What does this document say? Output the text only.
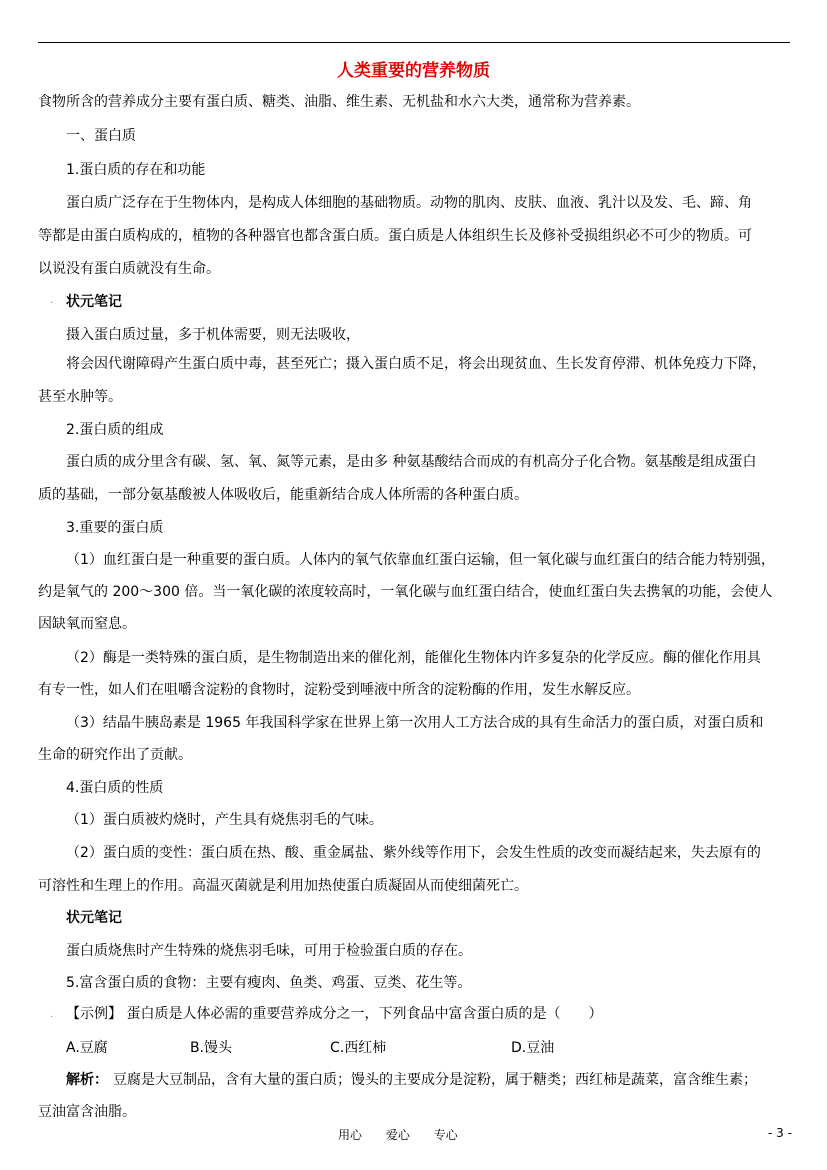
人类重要的营养物质
食物所含的营养成分主要有蛋白质、糖类、油脂、维生素、无机盐和水六大类，通常称为营养素。
一、蛋白质
1.蛋白质的存在和功能
蛋白质广泛存在于生物体内，是构成人体细胞的基础物质。动物的肌肉、皮肤、血液、乳汁以及发、毛、蹄、角
等都是由蛋白质构成的，植物的各种器官也都含蛋白质。蛋白质是人体组织生长及修补受损组织必不可少的物质。可
以说没有蛋白质就没有生命。
. 状元笔记
摄入蛋白质过量，多于机体需要，则无法吸收，
将会因代谢障碍产生蛋白质中毒，甚至死亡；摄入蛋白质不足，将会出现贫血、生长发育停滞、机体免疫力下降，
甚至水肿等。
2.蛋白质的组成
蛋白质的成分里含有碳、氢、氧、氮等元素，是由多 种氨基酸结合而成的有机高分子化合物。氨基酸是组成蛋白
质的基础，一部分氨基酸被人体吸收后，能重新结合成人体所需的各种蛋白质。
3.重要的蛋白质
（1）血红蛋白是一种重要的蛋白质。人体内的氧气依靠血红蛋白运输，但一氧化碳与血红蛋白的结合能力特别强，
约是氧气的 200～300 倍。当一氧化碳的浓度较高时，一氧化碳与血红蛋白结合，使血红蛋白失去携氧的功能，会使人
因缺氧而窒息。
（2）酶是一类特殊的蛋白质，是生物制造出来的催化剂，能催化生物体内许多复杂的化学反应。酶的催化作用具
有专一性，如人们在咀嚼含淀粉的食物时，淀粉受到唾液中所含的淀粉酶的作用，发生水解反应。
（3）结晶牛胰岛素是 1965 年我国科学家在世界上第一次用人工方法合成的具有生命活力的蛋白质，对蛋白质和
生命的研究作出了贡献。
4.蛋白质的性质
（1）蛋白质被灼烧时，产生具有烧焦羽毛的气味。
（2）蛋白质的变性：蛋白质在热、酸、重金属盐、紫外线等作用下，会发生性质的改变而凝结起来，失去原有的
可溶性和生理上的作用。高温灭菌就是利用加热使蛋白质凝固从而使细菌死亡。
状元笔记
蛋白质烧焦时产生特殊的烧焦羽毛味，可用于检验蛋白质的存在。
5.富含蛋白质的食物：主要有瘦肉、鱼类、鸡蛋、豆类、花生等。
. 【示例】 蛋白质是人体必需的重要营养成分之一，下列食品中富含蛋白质的是（　　）
A.豆腐	B.馒头	C.西红柿	D.豆油
解析： 豆腐是大豆制品，含有大量的蛋白质；馒头的主要成分是淀粉，属于糖类；西红柿是蔬菜，富含维生素；
豆油富含油脂。
用心 爱心 专心	- 3 -
